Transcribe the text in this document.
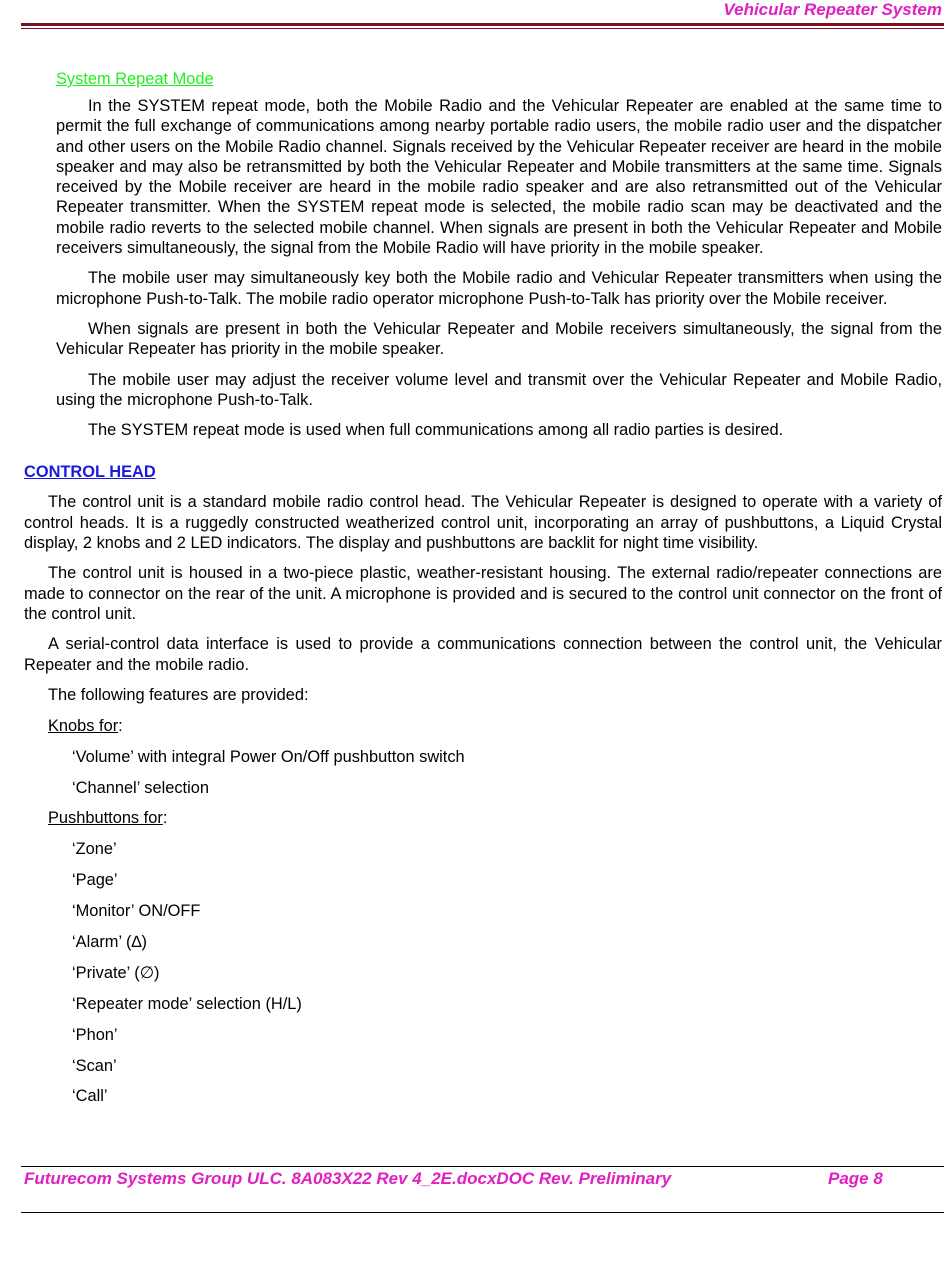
Vehicular Repeater System
System Repeat Mode

In the SYSTEM repeat mode, both the Mobile Radio and the Vehicular Repeater are enabled at the same time to permit the full exchange of communications among nearby portable radio users, the mobile radio user and the dispatcher and other users on the Mobile Radio channel. Signals received by the Vehicular Repeater receiver are heard in the mobile speaker and may also be retransmitted by both the Vehicular Repeater and Mobile transmitters at the same time. Signals received by the Mobile receiver are heard in the mobile radio speaker and are also retransmitted out of the Vehicular Repeater transmitter. When the SYSTEM repeat mode is selected, the mobile radio scan may be deactivated and the mobile radio reverts to the selected mobile channel. When signals are present in both the Vehicular Repeater and Mobile receivers simultaneously, the signal from the Mobile Radio will have priority in the mobile speaker.

The mobile user may simultaneously key both the Mobile radio and Vehicular Repeater transmitters when using the microphone Push-to-Talk. The mobile radio operator microphone Push-to-Talk has priority over the Mobile receiver.

When signals are present in both the Vehicular Repeater and Mobile receivers simultaneously, the signal from the Vehicular Repeater has priority in the mobile speaker.

The mobile user may adjust the receiver volume level and transmit over the Vehicular Repeater and Mobile Radio, using the microphone Push-to-Talk.

The SYSTEM repeat mode is used when full communications among all radio parties is desired.

CONTROL HEAD

The control unit is a standard mobile radio control head. The Vehicular Repeater is designed to operate with a variety of control heads. It is a ruggedly constructed weatherized control unit, incorporating an array of pushbuttons, a Liquid Crystal display, 2 knobs and 2 LED indicators. The display and pushbuttons are backlit for night time visibility.

The control unit is housed in a two-piece plastic, weather-resistant housing. The external radio/repeater connections are made to connector on the rear of the unit. A microphone is provided and is secured to the control unit connector on the front of the control unit.

A serial-control data interface is used to provide a communications connection between the control unit, the Vehicular Repeater and the mobile radio.

The following features are provided:
Knobs for:
‘Volume’ with integral Power On/Off pushbutton switch
‘Channel’ selection
Pushbuttons for:
‘Zone’
‘Page’
‘Monitor’ ON/OFF
‘Alarm’ (∆)
‘Private’ (∅)
‘Repeater mode’ selection (H/L)
‘Phon’
‘Scan’
‘Call’
Futurecom Systems Group ULC. 8A083X22 Rev 4_2E.docxDOC Rev. Preliminary	Page 8
